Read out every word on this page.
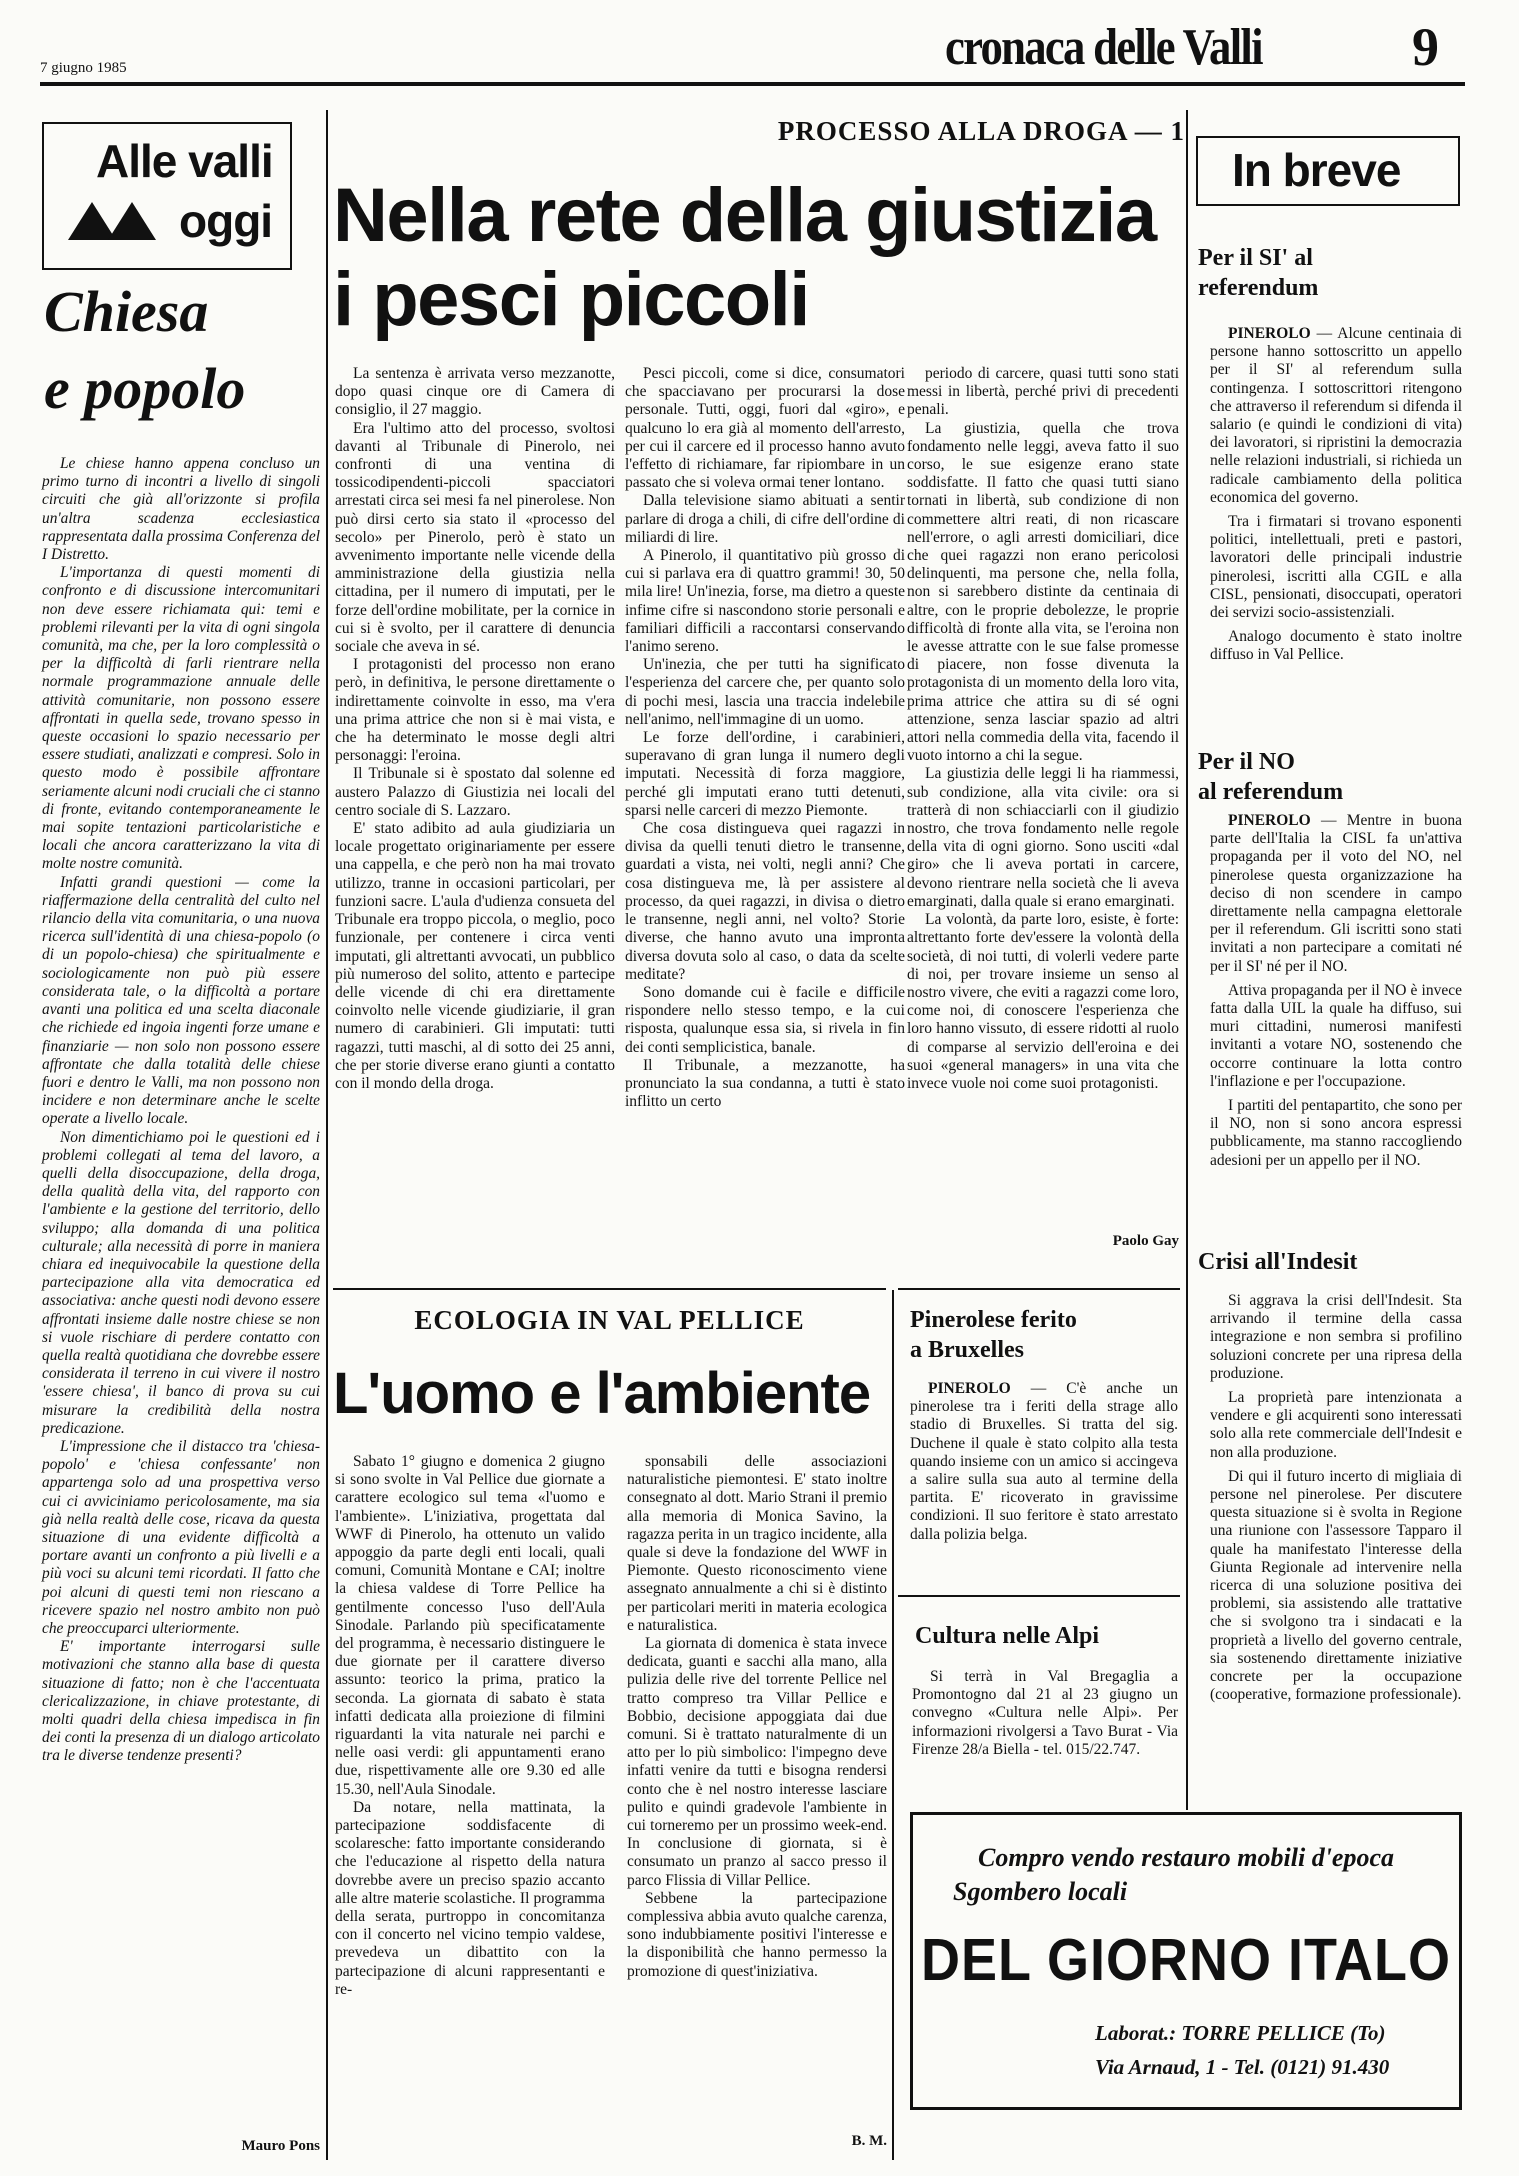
7 giugno 1985	cronaca delle Valli	9
Alle valli
oggi
Chiesa
e popolo

Le chiese hanno appena concluso un primo turno di incontri a livello di singoli circuiti che già all'orizzonte si profila un'altra scadenza ecclesiastica rappresentata dalla prossima Conferenza del I Distretto.

L'importanza di questi momenti di confronto e di discussione intercomunitari non deve essere richiamata qui: temi e problemi rilevanti per la vita di ogni singola comunità, ma che, per la loro complessità o per la difficoltà di farli rientrare nella normale programmazione annuale delle attività comunitarie, non possono essere affrontati in quella sede, trovano spesso in queste occasioni lo spazio necessario per essere studiati, analizzati e compresi. Solo in questo modo è possibile affrontare seriamente alcuni nodi cruciali che ci stanno di fronte, evitando contemporaneamente le mai sopite tentazioni particolaristiche e locali che ancora caratterizzano la vita di molte nostre comunità.

Infatti grandi questioni — come la riaffermazione della centralità del culto nel rilancio della vita comunitaria, o una nuova ricerca sull'identità di una chiesa-popolo (o di un popolo-chiesa) che spiritualmente e sociologicamente non può più essere considerata tale, o la difficoltà a portare avanti una politica ed una scelta diaconale che richiede ed ingoia ingenti forze umane e finanziarie — non solo non possono essere affrontate che dalla totalità delle chiese fuori e dentro le Valli, ma non possono non incidere e non determinare anche le scelte operate a livello locale.

Non dimentichiamo poi le questioni ed i problemi collegati al tema del lavoro, a quelli della disoccupazione, della droga, della qualità della vita, del rapporto con l'ambiente e la gestione del territorio, dello sviluppo; alla domanda di una politica culturale; alla necessità di porre in maniera chiara ed inequivocabile la questione della partecipazione alla vita democratica ed associativa: anche questi nodi devono essere affrontati insieme dalle nostre chiese se non si vuole rischiare di perdere contatto con quella realtà quotidiana che dovrebbe essere considerata il terreno in cui vivere il nostro 'essere chiesa', il banco di prova su cui misurare la credibilità della nostra predicazione.

L'impressione che il distacco tra 'chiesa-popolo' e 'chiesa confessante' non appartenga solo ad una prospettiva verso cui ci avviciniamo pericolosamente, ma sia già nella realtà delle cose, ricava da questa situazione di una evidente difficoltà a portare avanti un confronto a più livelli e a più voci su alcuni temi ricordati. Il fatto che poi alcuni di questi temi non riescano a ricevere spazio nel nostro ambito non può che preoccuparci ulteriormente.

E' importante interrogarsi sulle motivazioni che stanno alla base di questa situazione di fatto; non è che l'accentuata clericalizzazione, in chiave protestante, di molti quadri della chiesa impedisca in fin dei conti la presenza di un dialogo articolato tra le diverse tendenze presenti?

Mauro Pons
PROCESSO ALLA DROGA — 1
Nella rete della giustizia
i pesci piccoli

La sentenza è arrivata verso mezzanotte, dopo quasi cinque ore di Camera di consiglio, il 27 maggio.

Era l'ultimo atto del processo, svoltosi davanti al Tribunale di Pinerolo, nei confronti di una ventina di tossicodipendenti-piccoli spacciatori arrestati circa sei mesi fa nel pinerolese. Non può dirsi certo sia stato il «processo del secolo» per Pinerolo, però è stato un avvenimento importante nelle vicende della amministrazione della giustizia nella cittadina, per il numero di imputati, per le forze dell'ordine mobilitate, per la cornice in cui si è svolto, per il carattere di denuncia sociale che aveva in sé.

I protagonisti del processo non erano però, in definitiva, le persone direttamente o indirettamente coinvolte in esso, ma v'era una prima attrice che non si è mai vista, e che ha determinato le mosse degli altri personaggi: l'eroina.

Il Tribunale si è spostato dal solenne ed austero Palazzo di Giustizia nei locali del centro sociale di S. Lazzaro.

E' stato adibito ad aula giudiziaria un locale progettato originariamente per essere una cappella, e che però non ha mai trovato utilizzo, tranne in occasioni particolari, per funzioni sacre. L'aula d'udienza consueta del Tribunale era troppo piccola, o meglio, poco funzionale, per contenere i circa venti imputati, gli altrettanti avvocati, un pubblico più numeroso del solito, attento e partecipe delle vicende di chi era direttamente coinvolto nelle vicende giudiziarie, il gran numero di carabinieri. Gli imputati: tutti ragazzi, tutti maschi, al di sotto dei 25 anni, che per storie diverse erano giunti a contatto con il mondo della droga.

Pesci piccoli, come si dice, consumatori che spacciavano per procurarsi la dose personale. Tutti, oggi, fuori dal «giro», e qualcuno lo era già al momento dell'arresto, per cui il carcere ed il processo hanno avuto l'effetto di richiamare, far ripiombare in un passato che si voleva ormai tener lontano.

Dalla televisione siamo abituati a sentir parlare di droga a chili, di cifre dell'ordine di miliardi di lire.

A Pinerolo, il quantitativo più grosso di cui si parlava era di quattro grammi! 30, 50 mila lire! Un'inezia, forse, ma dietro a queste infime cifre si nascondono storie personali e familiari difficili a raccontarsi conservando l'animo sereno.

Un'inezia, che per tutti ha significato l'esperienza del carcere che, per quanto solo di pochi mesi, lascia una traccia indelebile nell'animo, nell'immagine di un uomo.

Le forze dell'ordine, i carabinieri, superavano di gran lunga il numero degli imputati. Necessità di forza maggiore, perché gli imputati erano tutti detenuti, sparsi nelle carceri di mezzo Piemonte.

Che cosa distingueva quei ragazzi in divisa da quelli tenuti dietro le transenne, guardati a vista, nei volti, negli anni? Che cosa distingueva me, là per assistere al processo, da quei ragazzi, in divisa o dietro le transenne, negli anni, nel volto? Storie diverse, che hanno avuto una impronta diversa dovuta solo al caso, o data da scelte meditate?

Sono domande cui è facile e difficile rispondere nello stesso tempo, e la cui risposta, qualunque essa sia, si rivela in fin dei conti semplicistica, banale.

Il Tribunale, a mezzanotte, ha pronunciato la sua condanna, a tutti è stato inflitto un certo

periodo di carcere, quasi tutti sono stati messi in libertà, perché privi di precedenti penali.

La giustizia, quella che trova fondamento nelle leggi, aveva fatto il suo corso, le sue esigenze erano state soddisfatte. Il fatto che quasi tutti siano tornati in libertà, sub condizione di non commettere altri reati, di non ricascare nell'errore, o agli arresti domiciliari, dice che quei ragazzi non erano pericolosi delinquenti, ma persone che, nella folla, non si sarebbero distinte da centinaia di altre, con le proprie debolezze, le proprie difficoltà di fronte alla vita, se l'eroina non le avesse attratte con le sue false promesse di piacere, non fosse divenuta la protagonista di un momento della loro vita, prima attrice che attira su di sé ogni attenzione, senza lasciar spazio ad altri attori nella commedia della vita, facendo il vuoto intorno a chi la segue.

La giustizia delle leggi li ha riammessi, sub condizione, alla vita civile: ora si tratterà di non schiacciarli con il giudizio nostro, che trova fondamento nelle regole della vita di ogni giorno. Sono usciti «dal giro» che li aveva portati in carcere, devono rientrare nella società che li aveva emarginati, dalla quale si erano emarginati.

La volontà, da parte loro, esiste, è forte: altrettanto forte dev'essere la volontà della società, di noi tutti, di volerli vedere parte di noi, per trovare insieme un senso al nostro vivere, che eviti a ragazzi come loro, come noi, di conoscere l'esperienza che loro hanno vissuto, di essere ridotti al ruolo di comparse al servizio dell'eroina e dei suoi «general managers» in una vita che invece vuole noi come suoi protagonisti.

Paolo Gay
ECOLOGIA IN VAL PELLICE
L'uomo e l'ambiente

Sabato 1° giugno e domenica 2 giugno si sono svolte in Val Pellice due giornate a carattere ecologico sul tema «l'uomo e l'ambiente». L'iniziativa, progettata dal WWF di Pinerolo, ha ottenuto un valido appoggio da parte degli enti locali, quali comuni, Comunità Montane e CAI; inoltre la chiesa valdese di Torre Pellice ha gentilmente concesso l'uso dell'Aula Sinodale. Parlando più specificatamente del programma, è necessario distinguere le due giornate per il carattere diverso assunto: teorico la prima, pratico la seconda. La giornata di sabato è stata infatti dedicata alla proiezione di filmini riguardanti la vita naturale nei parchi e nelle oasi verdi: gli appuntamenti erano due, rispettivamente alle ore 9.30 ed alle 15.30, nell'Aula Sinodale.

Da notare, nella mattinata, la partecipazione soddisfacente di scolaresche: fatto importante considerando che l'educazione al rispetto della natura dovrebbe avere un preciso spazio accanto alle altre materie scolastiche. Il programma della serata, purtroppo in concomitanza con il concerto nel vicino tempio valdese, prevedeva un dibattito con la partecipazione di alcuni rappresentanti e re-

sponsabili delle associazioni naturalistiche piemontesi. E' stato inoltre consegnato al dott. Mario Strani il premio alla memoria di Monica Savino, la ragazza perita in un tragico incidente, alla quale si deve la fondazione del WWF in Piemonte. Questo riconoscimento viene assegnato annualmente a chi si è distinto per particolari meriti in materia ecologica e naturalistica.

La giornata di domenica è stata invece dedicata, guanti e sacchi alla mano, alla pulizia delle rive del torrente Pellice nel tratto compreso tra Villar Pellice e Bobbio, decisione appoggiata dai due comuni. Si è trattato naturalmente di un atto per lo più simbolico: l'impegno deve infatti venire da tutti e bisogna rendersi conto che è nel nostro interesse lasciare pulito e quindi gradevole l'ambiente in cui torneremo per un prossimo week-end. In conclusione di giornata, si è consumato un pranzo al sacco presso il parco Flissia di Villar Pellice.

Sebbene la partecipazione complessiva abbia avuto qualche carenza, sono indubbiamente positivi l'interesse e la disponibilità che hanno permesso la promozione di quest'iniziativa.

B. M.
Pinerolese ferito
a Bruxelles

PINEROLO — C'è anche un pinerolese tra i feriti della strage allo stadio di Bruxelles. Si tratta del sig. Duchene il quale è stato colpito alla testa quando insieme con un amico si accingeva a salire sulla sua auto al termine della partita. E' ricoverato in gravissime condizioni. Il suo feritore è stato arrestato dalla polizia belga.

Cultura nelle Alpi

Si terrà in Val Bregaglia a Promontogno dal 21 al 23 giugno un convegno «Cultura nelle Alpi». Per informazioni rivolgersi a Tavo Burat - Via Firenze 28/a Biella - tel. 015/22.747.

In breve
Per il SI' al
referendum

PINEROLO — Alcune centinaia di persone hanno sottoscritto un appello per il SI' al referendum sulla contingenza. I sottoscrittori ritengono che attraverso il referendum si difenda il salario (e quindi le condizioni di vita) dei lavoratori, si ripristini la democrazia nelle relazioni industriali, si richieda un radicale cambiamento della politica economica del governo.

Tra i firmatari si trovano esponenti politici, intellettuali, preti e pastori, lavoratori delle principali industrie pinerolesi, iscritti alla CGIL e alla CISL, pensionati, disoccupati, operatori dei servizi socio-assistenziali.

Analogo documento è stato inoltre diffuso in Val Pellice.

Per il NO
al referendum

PINEROLO — Mentre in buona parte dell'Italia la CISL fa un'attiva propaganda per il voto del NO, nel pinerolese questa organizzazione ha deciso di non scendere in campo direttamente nella campagna elettorale per il referendum. Gli iscritti sono stati invitati a non partecipare a comitati né per il SI' né per il NO.

Attiva propaganda per il NO è invece fatta dalla UIL la quale ha diffuso, sui muri cittadini, numerosi manifesti invitanti a votare NO, sostenendo che occorre continuare la lotta contro l'inflazione e per l'occupazione.

I partiti del pentapartito, che sono per il NO, non si sono ancora espressi pubblicamente, ma stanno raccogliendo adesioni per un appello per il NO.

Crisi all'Indesit

Si aggrava la crisi dell'Indesit. Sta arrivando il termine della cassa integrazione e non sembra si profilino soluzioni concrete per una ripresa della produzione.

La proprietà pare intenzionata a vendere e gli acquirenti sono interessati solo alla rete commerciale dell'Indesit e non alla produzione.

Di qui il futuro incerto di migliaia di persone nel pinerolese. Per discutere questa situazione si è svolta in Regione una riunione con l'assessore Tapparo il quale ha manifestato l'interesse della Giunta Regionale ad intervenire nella ricerca di una soluzione positiva dei problemi, sia assistendo alle trattative che si svolgono tra i sindacati e la proprietà a livello del governo centrale, sia sostenendo direttamente iniziative concrete per la occupazione (cooperative, formazione professionale).

Compro vendo restauro mobili d'epoca
Sgombero locali
DEL GIORNO ITALO
Laborat.: TORRE PELLICE (To)
Via Arnaud, 1 - Tel. (0121) 91.430
